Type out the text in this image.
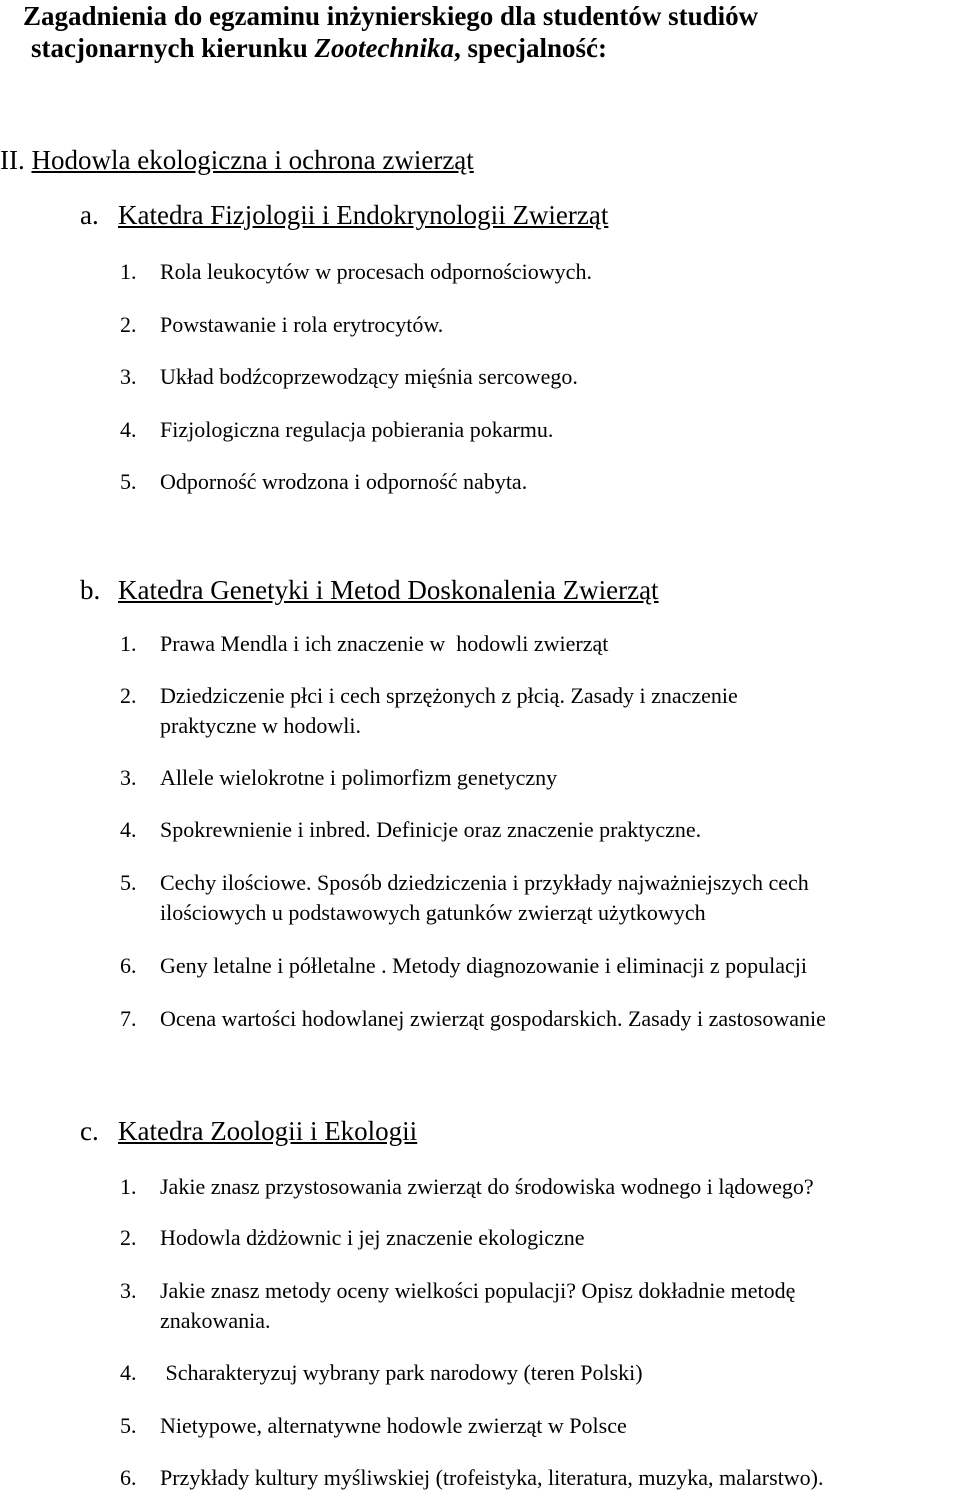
Zagadnienia do egzaminu inżynierskiego dla studentów studiów
stacjonarnych kierunku Zootechnika, specjalność:
II. Hodowla ekologiczna i ochrona zwierząt
a. Katedra Fizjologii i Endokrynologii Zwierząt
1. Rola leukocytów w procesach odpornościowych.
2. Powstawanie i rola erytrocytów.
3. Układ bodźcoprzewodzący mięśnia sercowego.
4. Fizjologiczna regulacja pobierania pokarmu.
5. Odporność wrodzona i odporność nabyta.
b. Katedra Genetyki i Metod Doskonalenia Zwierząt
1. Prawa Mendla i ich znaczenie w  hodowli zwierząt
2. Dziedziczenie płci i cech sprzężonych z płcią. Zasady i znaczenie
praktyczne w hodowli.
3. Allele wielokrotne i polimorfizm genetyczny
4. Spokrewnienie i inbred. Definicje oraz znaczenie praktyczne.
5. Cechy ilościowe. Sposób dziedziczenia i przykłady najważniejszych cech
ilościowych u podstawowych gatunków zwierząt użytkowych
6. Geny letalne i półletalne . Metody diagnozowanie i eliminacji z populacji
7. Ocena wartości hodowlanej zwierząt gospodarskich. Zasady i zastosowanie
c. Katedra Zoologii i Ekologii
1. Jakie znasz przystosowania zwierząt do środowiska wodnego i lądowego?
2. Hodowla dżdżownic i jej znaczenie ekologiczne
3. Jakie znasz metody oceny wielkości populacji? Opisz dokładnie metodę
znakowania.
4. Scharakteryzuj wybrany park narodowy (teren Polski)
5. Nietypowe, alternatywne hodowle zwierząt w Polsce
6. Przykłady kultury myśliwskiej (trofeistyka, literatura, muzyka, malarstwo).
